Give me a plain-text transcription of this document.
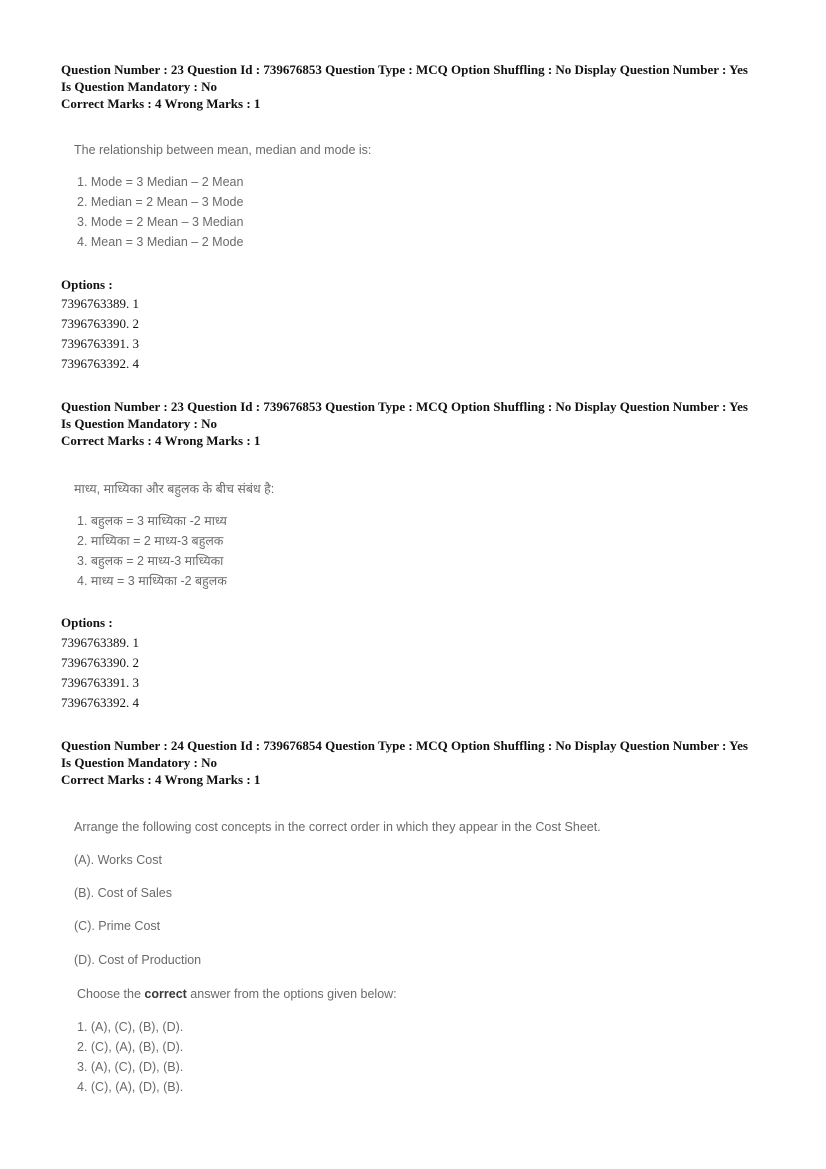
Question Number : 23 Question Id : 739676853 Question Type : MCQ Option Shuffling : No Display Question Number : Yes
Is Question Mandatory : No
Correct Marks : 4 Wrong Marks : 1
The relationship between mean, median and mode is:
1. Mode = 3 Median – 2 Mean
2. Median = 2 Mean – 3 Mode
3. Mode = 2 Mean – 3 Median
4. Mean = 3 Median – 2 Mode
Options :
7396763389. 1
7396763390. 2
7396763391. 3
7396763392. 4
Question Number : 23 Question Id : 739676853 Question Type : MCQ Option Shuffling : No Display Question Number : Yes
Is Question Mandatory : No
Correct Marks : 4 Wrong Marks : 1
माध्य, माध्यिका और बहुलक के बीच संबंध है:
1. बहुलक = 3 माध्यिका -2 माध्य
2. माध्यिका = 2 माध्य-3 बहुलक
3. बहुलक = 2 माध्य-3 माध्यिका
4. माध्य = 3 माध्यिका -2 बहुलक
Options :
7396763389. 1
7396763390. 2
7396763391. 3
7396763392. 4
Question Number : 24 Question Id : 739676854 Question Type : MCQ Option Shuffling : No Display Question Number : Yes
Is Question Mandatory : No
Correct Marks : 4 Wrong Marks : 1
Arrange the following cost concepts in the correct order in which they appear in the Cost Sheet.
(A). Works Cost
(B). Cost of Sales
(C). Prime Cost
(D). Cost of Production
Choose the correct answer from the options given below:
1. (A), (C), (B), (D).
2. (C), (A), (B), (D).
3. (A), (C), (D), (B).
4. (C), (A), (D), (B).
